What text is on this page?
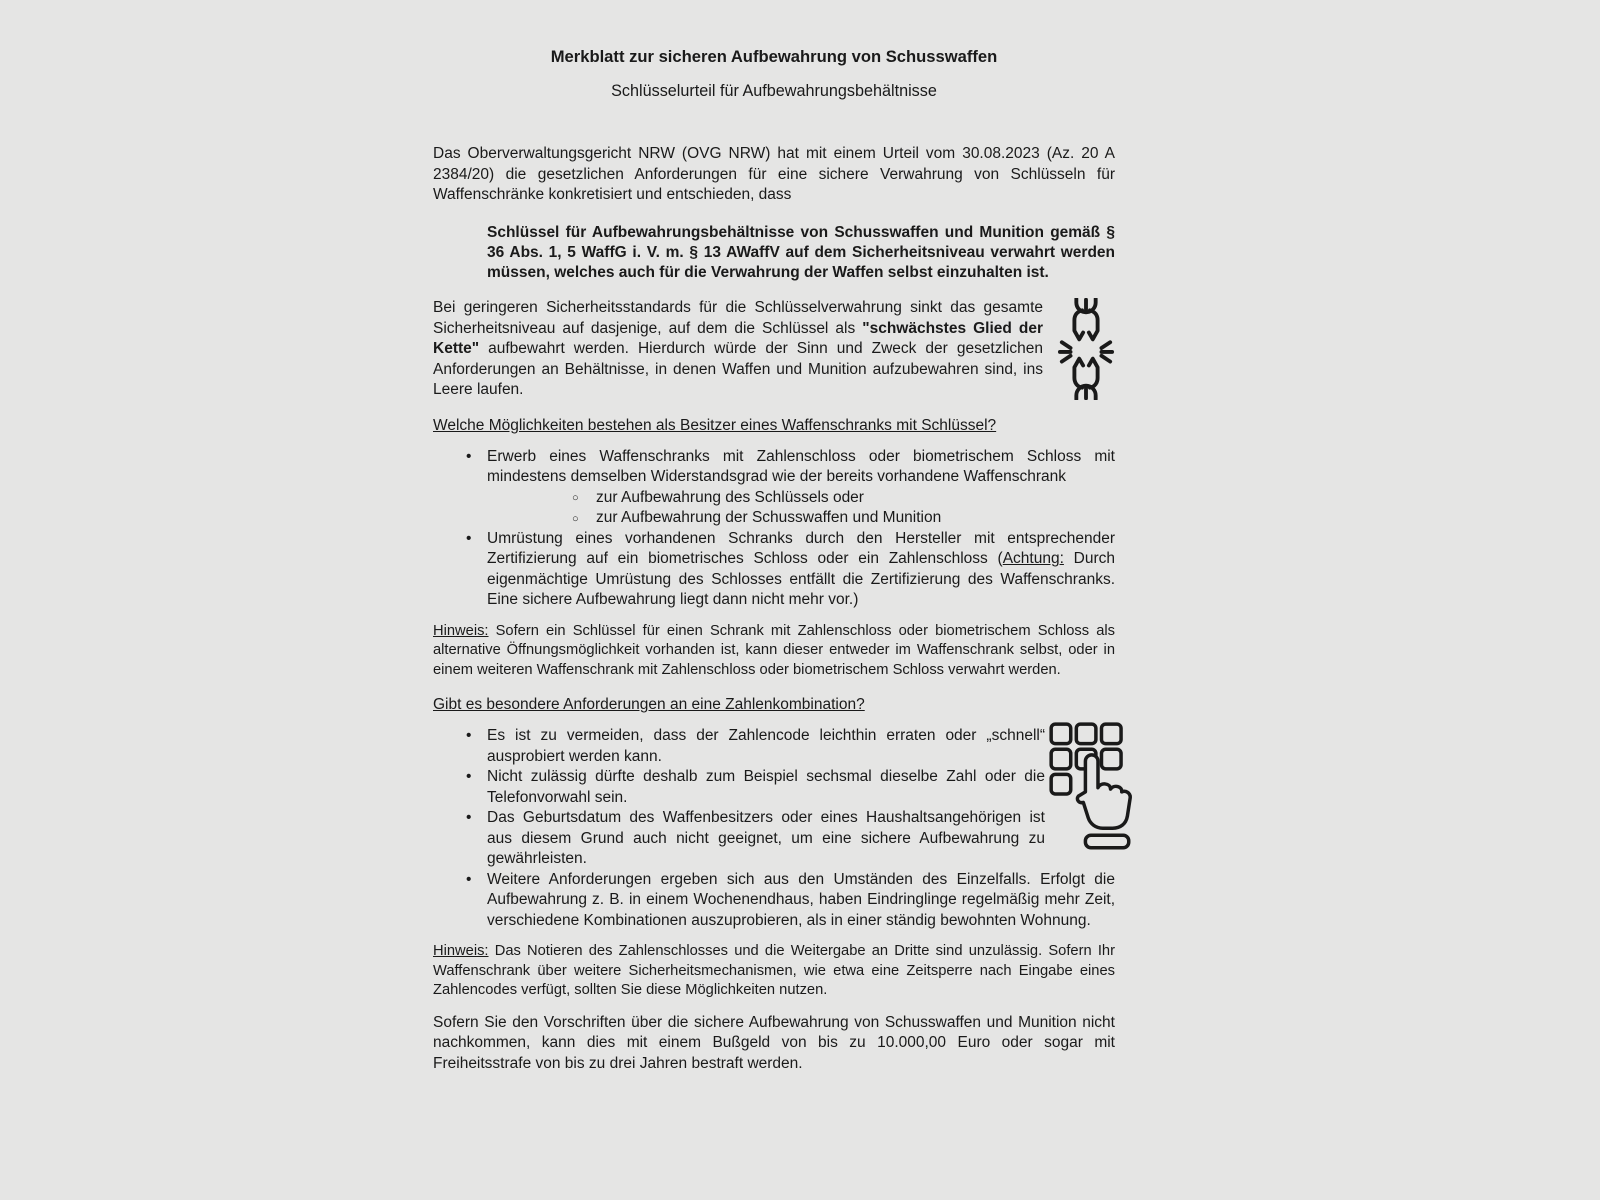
Merkblatt zur sicheren Aufbewahrung von Schusswaffen

Schlüsselurteil für Aufbewahrungsbehältnisse

Das Oberverwaltungsgericht NRW (OVG NRW) hat mit einem Urteil vom 30.08.2023 (Az. 20 A 2384/20) die gesetzlichen Anforderungen für eine sichere Verwahrung von Schlüsseln für Waffenschränke konkretisiert und entschieden, dass

Schlüssel für Aufbewahrungsbehältnisse von Schusswaffen und Munition gemäß § 36 Abs. 1, 5 WaffG i. V. m. § 13 AWaffV auf dem Sicherheitsniveau verwahrt werden müssen, welches auch für die Verwahrung der Waffen selbst einzuhalten ist.

Bei geringeren Sicherheitsstandards für die Schlüsselverwahrung sinkt das gesamte Sicherheitsniveau auf dasjenige, auf dem die Schlüssel als "schwächstes Glied der Kette" aufbewahrt werden. Hierdurch würde der Sinn und Zweck der gesetzlichen Anforderungen an Behältnisse, in denen Waffen und Munition aufzubewahren sind, ins Leere laufen.

Welche Möglichkeiten bestehen als Besitzer eines Waffenschranks mit Schlüssel?

• Erwerb eines Waffenschranks mit Zahlenschloss oder biometrischem Schloss mit mindestens demselben Widerstandsgrad wie der bereits vorhandene Waffenschrank
○ zur Aufbewahrung des Schlüssels oder
○ zur Aufbewahrung der Schusswaffen und Munition
• Umrüstung eines vorhandenen Schranks durch den Hersteller mit entsprechender Zertifizierung auf ein biometrisches Schloss oder ein Zahlenschloss (Achtung: Durch eigenmächtige Umrüstung des Schlosses entfällt die Zertifizierung des Waffenschranks. Eine sichere Aufbewahrung liegt dann nicht mehr vor.)

Hinweis: Sofern ein Schlüssel für einen Schrank mit Zahlenschloss oder biometrischem Schloss als alternative Öffnungsmöglichkeit vorhanden ist, kann dieser entweder im Waffenschrank selbst, oder in einem weiteren Waffenschrank mit Zahlenschloss oder biometrischem Schloss verwahrt werden.

Gibt es besondere Anforderungen an eine Zahlenkombination?

• Es ist zu vermeiden, dass der Zahlencode leichthin erraten oder „schnell“ ausprobiert werden kann.
• Nicht zulässig dürfte deshalb zum Beispiel sechsmal dieselbe Zahl oder die Telefonvorwahl sein.
• Das Geburtsdatum des Waffenbesitzers oder eines Haushaltsangehörigen ist aus diesem Grund auch nicht geeignet, um eine sichere Aufbewahrung zu gewährleisten.
• Weitere Anforderungen ergeben sich aus den Umständen des Einzelfalls. Erfolgt die Aufbewahrung z. B. in einem Wochenendhaus, haben Eindringlinge regelmäßig mehr Zeit, verschiedene Kombinationen auszuprobieren, als in einer ständig bewohnten Wohnung.

Hinweis: Das Notieren des Zahlenschlosses und die Weitergabe an Dritte sind unzulässig. Sofern Ihr Waffenschrank über weitere Sicherheitsmechanismen, wie etwa eine Zeitsperre nach Eingabe eines Zahlencodes verfügt, sollten Sie diese Möglichkeiten nutzen.

Sofern Sie den Vorschriften über die sichere Aufbewahrung von Schusswaffen und Munition nicht nachkommen, kann dies mit einem Bußgeld von bis zu 10.000,00 Euro oder sogar mit Freiheitsstrafe von bis zu drei Jahren bestraft werden.
